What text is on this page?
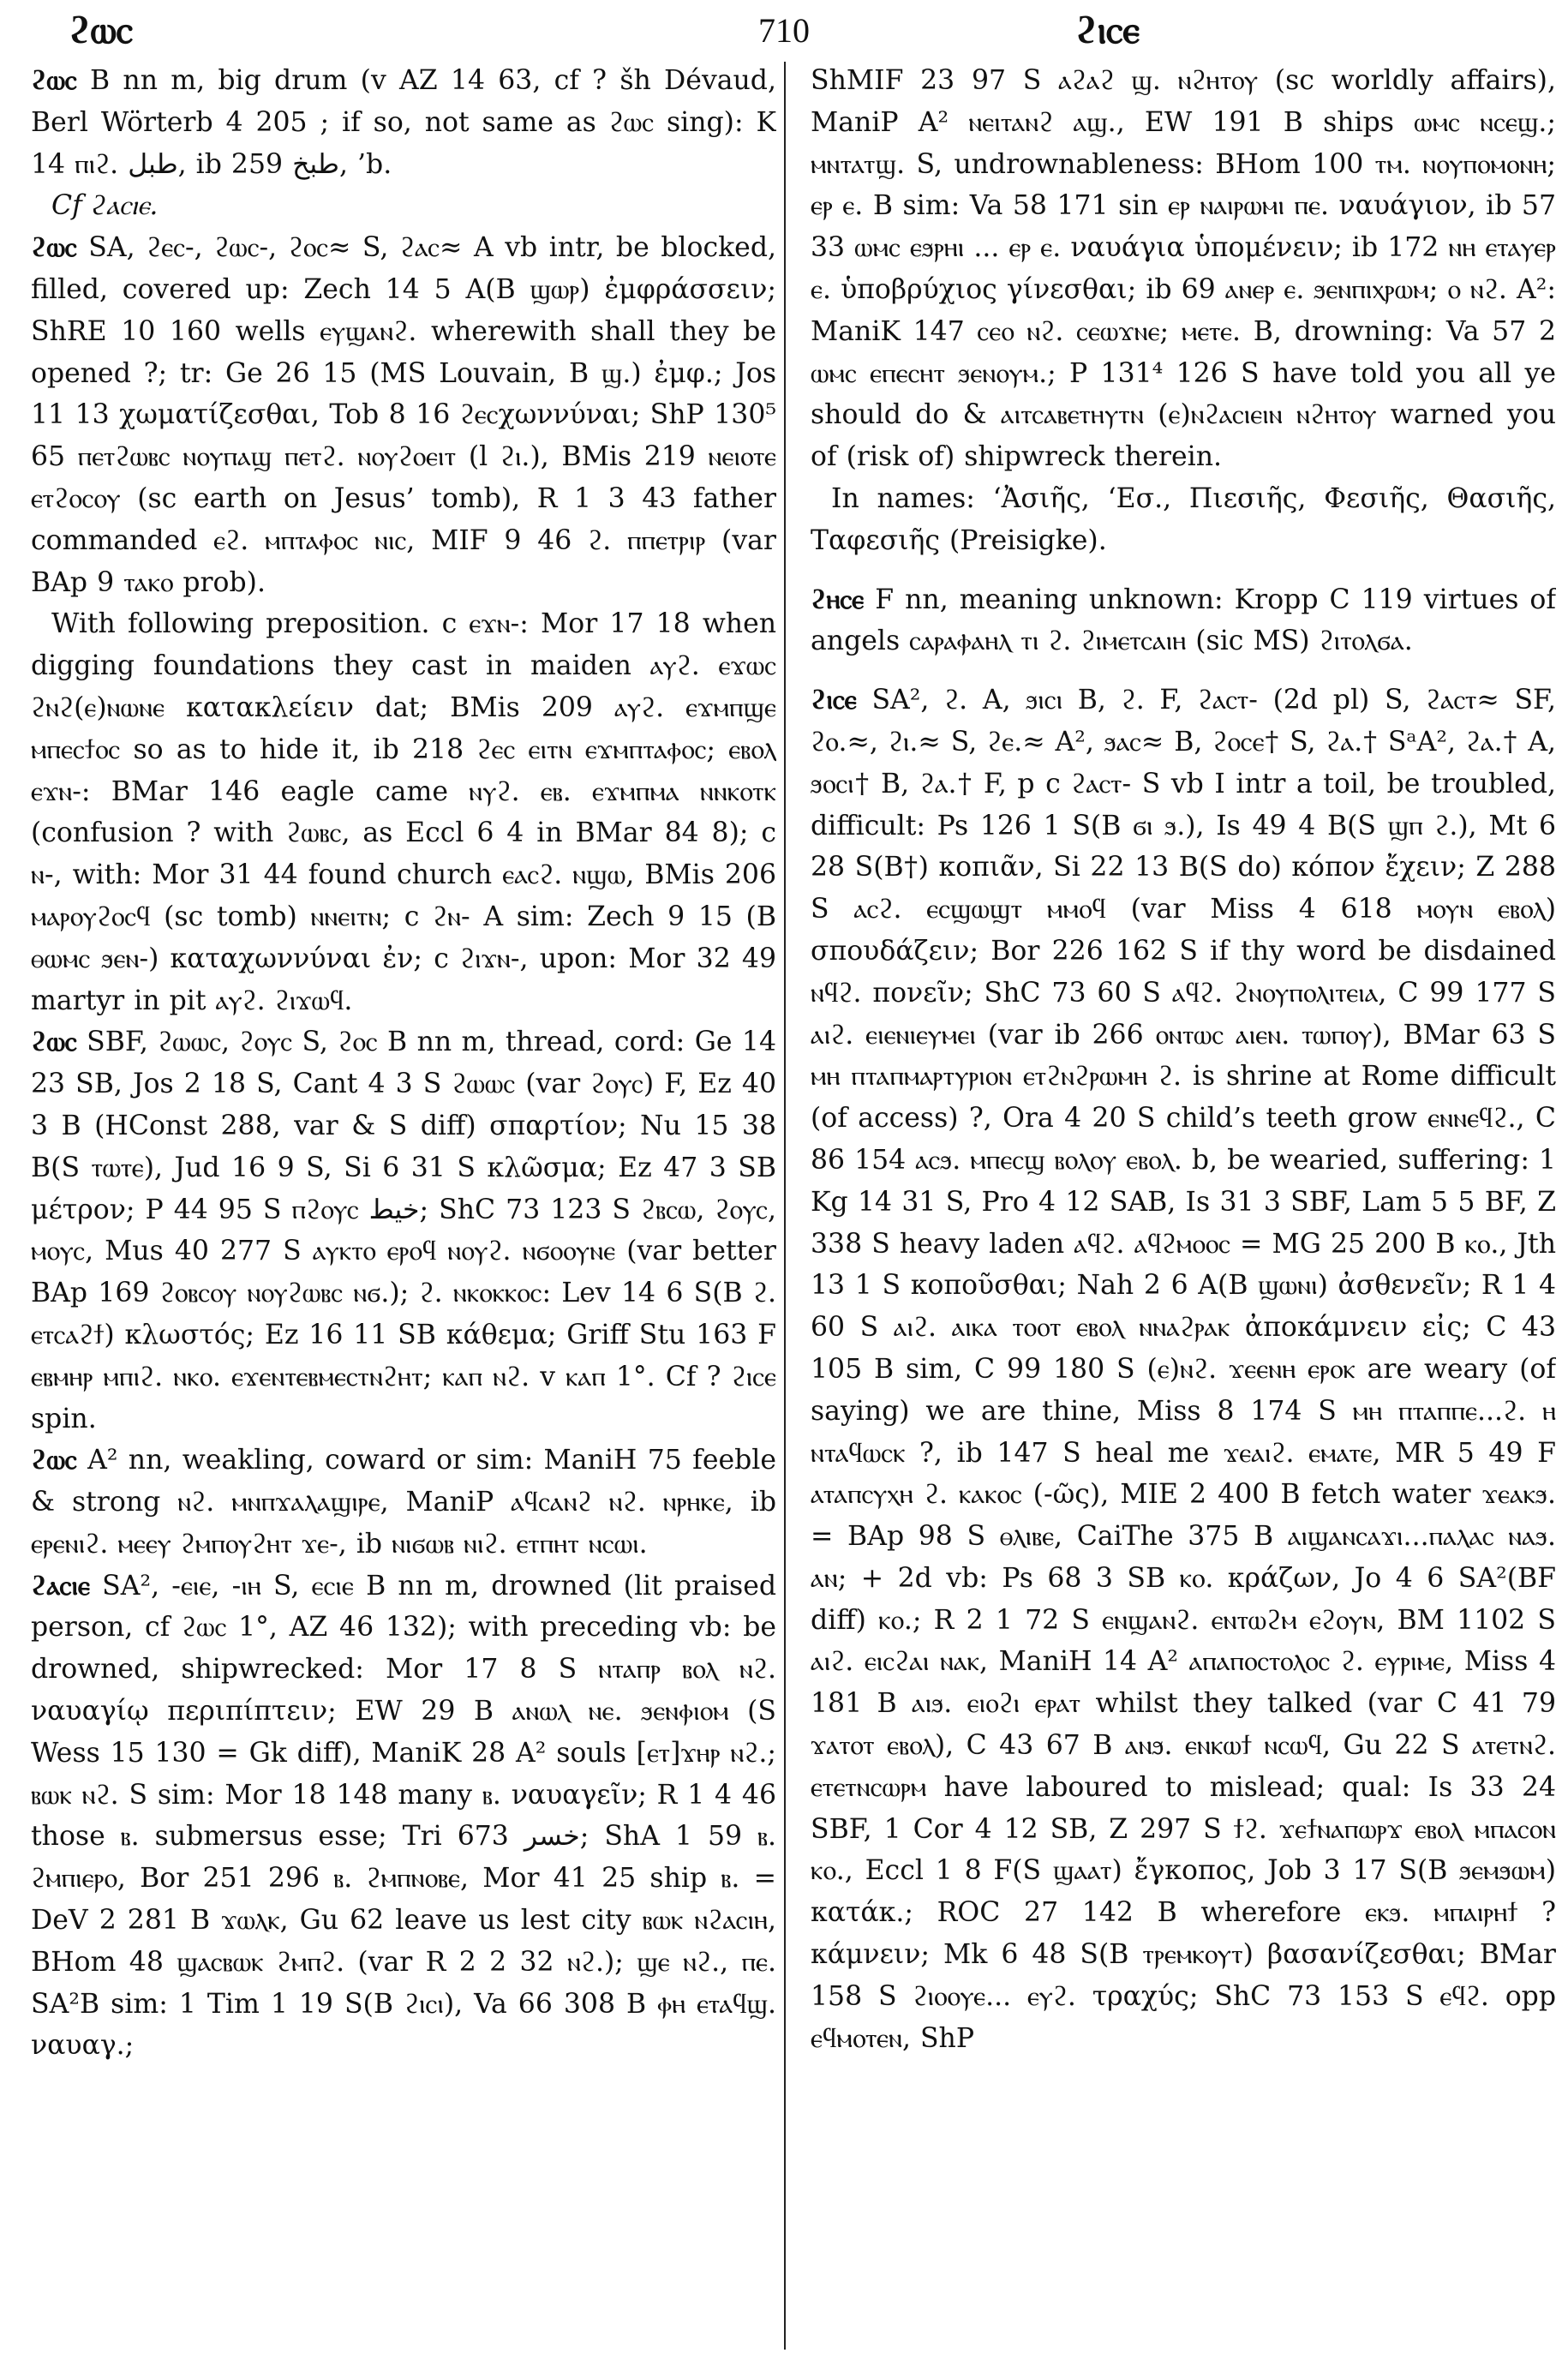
ϩⲱⲥ	710	ϩⲓⲥⲉ

ϩⲱⲥ B nn m, big drum (v AZ 14 63, cf ? šh Dévaud, Berl Wörterb 4 205 ; if so, not same as ϩⲱⲥ sing): K 14 ⲡⲓϩ. طبل, ib 259 طبخ, ’b.

Cf ϩⲁⲥⲓⲉ.

ϩⲱⲥ SA, ϩⲉⲥ-, ϩⲱⲥ-, ϩⲟⲥ≈ S, ϩⲁⲥ≈ A vb intr, be blocked, filled, covered up: Zech 14 5 A(B ϣⲱⲣ) ἐμφράσσειν; ShRE 10 160 wells ⲉⲩϣⲁⲛϩ. wherewith shall they be opened ?; tr: Ge 26 15 (MS Louvain, B ϣ.) ἐμφ.; Jos 11 13 χωματίζεσθαι, Tob 8 16 ϩⲉⲥχωννύναι; ShP 130⁵ 65 ⲡⲉⲧϩⲱⲃⲥ ⲛⲟⲩⲡⲁϣ ⲡⲉⲧϩ. ⲛⲟⲩϩⲟⲉⲓⲧ (l ϩⲓ.), BMis 219 ⲛⲉⲓⲟⲧⲉ ⲉⲧϩⲟⲥⲟⲩ (sc earth on Jesus’ tomb), R 1 3 43 father commanded ⲉϩ. ⲙⲡⲧⲁⲫⲟⲥ ⲛⲓⲥ, MIF 9 46 ϩ. ⲡⲡⲉⲧⲣⲓⲣ (var BAp 9 ⲧⲁⲕⲟ prob).

With following preposition. c ⲉϫⲛ-: Mor 17 18 when digging foundations they cast in maiden ⲁⲩϩ. ⲉϫⲱⲥ ϩⲛϩ(ⲉ)ⲛⲱⲛⲉ κατακλείειν dat; BMis 209 ⲁⲩϩ. ⲉϫⲙⲡϣⲉ ⲙⲡⲉⲥϯⲟⲥ so as to hide it, ib 218 ϩⲉⲥ ⲉⲓⲧⲛ ⲉϫⲙⲡⲧⲁⲫⲟⲥ; ⲉⲃⲟⲗ ⲉϫⲛ-: BMar 146 eagle came ⲛⲩϩ. ⲉⲃ. ⲉϫⲙⲡⲙⲁ ⲛⲛⲕⲟⲧⲕ (confusion ? with ϩⲱⲃⲥ, as Eccl 6 4 in BMar 84 8); c ⲛ-, with: Mor 31 44 found church ⲉⲁⲥϩ. ⲛϣⲱ, BMis 206 ⲙⲁⲣⲟⲩϩⲟⲥϥ (sc tomb) ⲛⲛⲉⲓⲧⲛ; c ϩⲛ- A sim: Zech 9 15 (B ⲑⲱⲙⲥ ϧⲉⲛ-) καταχωννύναι ἐν; c ϩⲓϫⲛ-, upon: Mor 32 49 martyr in pit ⲁⲩϩ. ϩⲓϫⲱϥ.

ϩⲱⲥ SBF, ϩⲱⲱⲥ, ϩⲟⲩⲥ S, ϩⲟⲥ B nn m, thread, cord: Ge 14 23 SB, Jos 2 18 S, Cant 4 3 S ϩⲱⲱⲥ (var ϩⲟⲩⲥ) F, Ez 40 3 B (HConst 288, var & S diff) σπαρτίον; Nu 15 38 B(S ⲧⲱⲧⲉ), Jud 16 9 S, Si 6 31 S κλῶσμα; Ez 47 3 SB μέτρον; P 44 95 S ⲡϩⲟⲩⲥ خيط; ShC 73 123 S ϩⲃⲥⲱ, ϩⲟⲩⲥ, ⲙⲟⲩⲥ, Mus 40 277 S ⲁⲩⲕⲧⲟ ⲉⲣⲟϥ ⲛⲟⲩϩ. ⲛϭⲟⲟⲩⲛⲉ (var better BAp 169 ϩⲟⲃⲥⲟⲩ ⲛⲟⲩϩⲱⲃⲥ ⲛϭ.); ϩ. ⲛⲕⲟⲕⲕⲟⲥ: Lev 14 6 S(B ϩ. ⲉⲧⲥⲁϩϯ) κλωστός; Ez 16 11 SB κάθεμα; Griff Stu 163 F ⲉⲃⲙⲏⲣ ⲙⲡⲓϩ. ⲛⲕⲟ. ⲉϫⲉⲛⲧⲉⲃⲙⲉⲥⲧⲛϩⲏⲧ; ⲕⲁⲡ ⲛϩ. v ⲕⲁⲡ 1°. Cf ? ϩⲓⲥⲉ spin.

ϩⲱⲥ A² nn, weakling, coward or sim: ManiH 75 feeble & strong ⲛϩ. ⲙⲛⲡϫⲁⲗⲁϣⲓⲣⲉ, ManiP ⲁϥⲥⲁⲛϩ ⲛϩ. ⲛⲣⲏⲕⲉ, ib ⲉⲣⲉⲛⲓϩ. ⲙⲉⲉⲩ ϩⲙⲡⲟⲩϩⲏⲧ ϫⲉ-, ib ⲛⲓϭⲱⲃ ⲛⲓϩ. ⲉⲧⲡⲏⲧ ⲛⲥⲱⲓ.

ϩⲁⲥⲓⲉ SA², -ⲉⲓⲉ, -ⲓⲏ S, ⲉⲥⲓⲉ B nn m, drowned (lit praised person, cf ϩⲱⲥ 1°, AZ 46 132); with preceding vb: be drowned, shipwrecked: Mor 17 8 S ⲛⲧⲁⲡⲣ ⲃⲟⲗ ⲛϩ. ναυαγίῳ περιπίπτειν; EW 29 B ⲁⲛⲱⲗ ⲛⲉ. ϧⲉⲛⲫⲓⲟⲙ (S Wess 15 130 = Gk diff), ManiK 28 A² souls [ⲉⲧ]ϫⲏⲣ ⲛϩ.; ⲃⲱⲕ ⲛϩ. S sim: Mor 18 148 many ⲃ. ναυαγεῖν; R 1 4 46 those ⲃ. submersus esse; Tri 673 خسر; ShA 1 59 ⲃ. ϩⲙⲡⲓⲉⲣⲟ, Bor 251 296 ⲃ. ϩⲙⲡⲛⲟⲃⲉ, Mor 41 25 ship ⲃ. = DeV 2 281 B ϫⲱⲗⲕ, Gu 62 leave us lest city ⲃⲱⲕ ⲛϩⲁⲥⲓⲏ, BHom 48 ϣⲁⲥⲃⲱⲕ ϩⲙⲡϩ. (var R 2 2 32 ⲛϩ.); ϣⲉ ⲛϩ., ⲡⲉ. SA²B sim: 1 Tim 1 19 S(B ϩⲓⲥⲓ), Va 66 308 B ⲫⲏ ⲉⲧⲁϥϣ. ναυαγ.;

ShMIF 23 97 S ⲁϩⲁϩ ϣ. ⲛϩⲏⲧⲟⲩ (sc worldly affairs), ManiP A² ⲛⲉⲓⲧⲁⲛϩ ⲁϣ., EW 191 B ships ⲱⲙⲥ ⲛⲥⲉϣ.; ⲙⲛⲧⲁⲧϣ. S, undrownableness: BHom 100 ⲧⲙ. ⲛⲟⲩⲡⲟⲙⲟⲛⲏ; ⲉⲣ ⲉ. B sim: Va 58 171 sin ⲉⲣ ⲛⲁⲓⲣⲱⲙⲓ ⲡⲉ. ναυάγιον, ib 57 33 ⲱⲙⲥ ⲉϧⲣⲏⲓ ... ⲉⲣ ⲉ. ναυάγια ὑπομένειν; ib 172 ⲛⲏ ⲉⲧⲁⲩⲉⲣ ⲉ. ὑποβρύχιος γίνεσθαι; ib 69 ⲁⲛⲉⲣ ⲉ. ϧⲉⲛⲡⲓⲭⲣⲱⲙ; ⲟ ⲛϩ. A²: ManiK 147 ⲥⲉⲟ ⲛϩ. ⲥⲉⲱϫⲛⲉ; ⲙⲉⲧⲉ. B, drowning: Va 57 2 ⲱⲙⲥ ⲉⲡⲉⲥⲏⲧ ϧⲉⲛⲟⲩⲙ.; P 131⁴ 126 S have told you all ye should do & ⲁⲓⲧⲥⲁⲃⲉⲧⲏⲩⲧⲛ (ⲉ)ⲛϩⲁⲥⲓⲉⲓⲛ ⲛϩⲏⲧⲟⲩ warned you of (risk of) shipwreck therein.

In names: ‘Ἀσιῆς, ‘Εσ., Πιεσιῆς, Φεσιῆς, Θασιῆς, Ταφεσιῆς (Preisigke).

ϩⲏⲥⲉ F nn, meaning unknown: Kropp C 119 virtues of angels ⲥⲁⲣⲁⲫⲁⲏⲗ ⲧⲓ ϩ. ϩⲓⲙⲉⲧⲥⲁⲓⲏ (sic MS) ϩⲓⲧⲟⲗϭⲁ.

ϩⲓⲥⲉ SA², ϩ. A, ϧⲓⲥⲓ B, ϩ. F, ϩⲁⲥⲧ- (2d pl) S, ϩⲁⲥⲧ≈ SF, ϩⲟ.≈, ϩⲓ.≈ S, ϩⲉ.≈ A², ϧⲁⲥ≈ B, ϩⲟⲥⲉ† S, ϩⲁ.† SᵃA², ϩⲁ.† A, ϧⲟⲥⲓ† B, ϩⲁ.† F, p c ϩⲁⲥⲧ- S vb I intr a toil, be troubled, difficult: Ps 126 1 S(B ϭⲓ ϧ.), Is 49 4 B(S ϣⲡ ϩ.), Mt 6 28 S(B†) κοπιᾶν, Si 22 13 B(S do) κόπον ἔχειν; Z 288 S ⲁⲥϩ. ⲉⲥϣⲱϣⲧ ⲙⲙⲟϥ (var Miss 4 618 ⲙⲟⲩⲛ ⲉⲃⲟⲗ) σπουδάζειν; Bor 226 162 S if thy word be disdained ⲛϥϩ. πονεῖν; ShC 73 60 S ⲁϥϩ. ϩⲛⲟⲩⲡⲟⲗⲓⲧⲉⲓⲁ, C 99 177 S ⲁⲓϩ. ⲉⲓⲉⲛⲓⲉⲩⲙⲉⲓ (var ib 266 ⲟⲛⲧⲱⲥ ⲁⲓⲉⲛ. ⲧⲱⲡⲟⲩ), BMar 63 S ⲙⲏ ⲡⲧⲁⲡⲙⲁⲣⲧⲩⲣⲓⲟⲛ ⲉⲧϩⲛϩⲣⲱⲙⲏ ϩ. is shrine at Rome difficult (of access) ?, Ora 4 20 S child’s teeth grow ⲉⲛⲛⲉϥϩ., C 86 154 ⲁⲥϧ. ⲙⲡⲉⲥϣ ⲃⲟⲗⲟⲩ ⲉⲃⲟⲗ. b, be wearied, suffering: 1 Kg 14 31 S, Pro 4 12 SAB, Is 31 3 SBF, Lam 5 5 BF, Z 338 S heavy laden ⲁϥϩ. ⲁϥϩⲙⲟⲟⲥ = MG 25 200 B ⲕⲟ., Jth 13 1 S κοπoῦσθαι; Nah 2 6 A(B ϣⲱⲛⲓ) ἀσθενεῖν; R 1 4 60 S ⲁⲓϩ. ⲁⲓⲕⲁ ⲧⲟⲟⲧ ⲉⲃⲟⲗ ⲛⲛⲁϩⲣⲁⲕ ἀποκάμνειν εἰς; C 43 105 B sim, C 99 180 S (ⲉ)ⲛϩ. ϫⲉⲉⲛⲏ ⲉⲣⲟⲕ are weary (of saying) we are thine, Miss 8 174 S ⲙⲏ ⲡⲧⲁⲡⲡⲉ...ϩ. ⲏ ⲛⲧⲁϥⲱⲥⲕ ?, ib 147 S heal me ϫⲉⲁⲓϩ. ⲉⲙⲁⲧⲉ, MR 5 49 F ⲁⲧⲁⲡⲥⲩⲭⲏ ϩ. ⲕⲁⲕⲟⲥ (-ῶς), MIE 2 400 B fetch water ϫⲉⲁⲕϧ. = BAp 98 S ⲑⲗⲓⲃⲉ, CaiThe 375 B ⲁⲓϣⲁⲛⲥⲁϫⲓ...ⲡⲁⲗⲁⲥ ⲛⲁϧ. ⲁⲛ; + 2d vb: Ps 68 3 SB ⲕⲟ. κράζων, Jo 4 6 SA²(BF diff) ⲕⲟ.; R 2 1 72 S ⲉⲛϣⲁⲛϩ. ⲉⲛⲧⲱϩⲙ ⲉϩⲟⲩⲛ, BM 1102 S ⲁⲓϩ. ⲉⲓⲥϩⲁⲓ ⲛⲁⲕ, ManiH 14 A² ⲁⲡⲁⲡⲟⲥⲧⲟⲗⲟⲥ ϩ. ⲉⲩⲣⲓⲙⲉ, Miss 4 181 B ⲁⲓϧ. ⲉⲓⲟϩⲓ ⲉⲣⲁⲧ whilst they talked (var C 41 79 ϫⲁⲧⲟⲧ ⲉⲃⲟⲗ), C 43 67 B ⲁⲛϧ. ⲉⲛⲕⲱϯ ⲛⲥⲱϥ, Gu 22 S ⲁⲧⲉⲧⲛϩ. ⲉⲧⲉⲧⲛⲥⲱⲣⲙ have laboured to mislead; qual: Is 33 24 SBF, 1 Cor 4 12 SB, Z 297 S ϯϩ. ϫⲉϯⲛⲁⲡⲱⲣϫ ⲉⲃⲟⲗ ⲙⲡⲁⲥⲟⲛ ⲕⲟ., Eccl 1 8 F(S ϣⲁⲁⲧ) ἔγκοπος, Job 3 17 S(B ϧⲉⲙϧⲱⲙ) κατάκ.; ROC 27 142 B wherefore ⲉⲕϧ. ⲙⲡⲁⲓⲣⲏϯ ? κάμνειν; Mk 6 48 S(B ⲧⲣⲉⲙⲕⲟⲩⲧ) βασανίζεσθαι; BMar 158 S ϩⲓⲟⲟⲩⲉ... ⲉⲩϩ. τραχύς; ShC 73 153 S ⲉϥϩ. opp ⲉϥⲙⲟⲧⲉⲛ, ShP
